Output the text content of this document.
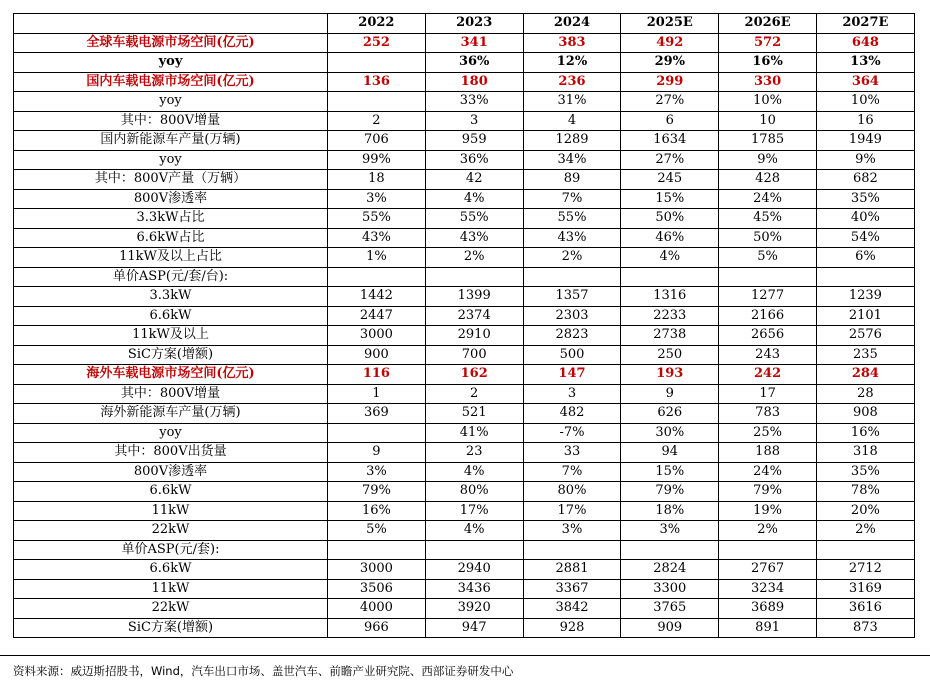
	2022	2023	2024	2025E	2026E	2027E
全球车载电源市场空间(亿元)	252	341	383	492	572	648
yoy		36%	12%	29%	16%	13%
国内车载电源市场空间(亿元)	136	180	236	299	330	364
yoy		33%	31%	27%	10%	10%
其中：800V增量	2	3	4	6	10	16
国内新能源车产量(万辆)	706	959	1289	1634	1785	1949
yoy	99%	36%	34%	27%	9%	9%
其中：800V产量（万辆）	18	42	89	245	428	682
800V渗透率	3%	4%	7%	15%	24%	35%
3.3kW占比	55%	55%	55%	50%	45%	40%
6.6kW占比	43%	43%	43%	46%	50%	54%
11kW及以上占比	1%	2%	2%	4%	5%	6%
单价ASP(元/套/台):						
3.3kW	1442	1399	1357	1316	1277	1239
6.6kW	2447	2374	2303	2233	2166	2101
11kW及以上	3000	2910	2823	2738	2656	2576
SiC方案(增额)	900	700	500	250	243	235
海外车载电源市场空间(亿元)	116	162	147	193	242	284
其中：800V增量	1	2	3	9	17	28
海外新能源车产量(万辆)	369	521	482	626	783	908
yoy		41%	-7%	30%	25%	16%
其中：800V出货量	9	23	33	94	188	318
800V渗透率	3%	4%	7%	15%	24%	35%
6.6kW	79%	80%	80%	79%	79%	78%
11kW	16%	17%	17%	18%	19%	20%
22kW	5%	4%	3%	3%	2%	2%
单价ASP(元/套):						
6.6kW	3000	2940	2881	2824	2767	2712
11kW	3506	3436	3367	3300	3234	3169
22kW	4000	3920	3842	3765	3689	3616
SiC方案(增额)	966	947	928	909	891	873
资料来源：威迈斯招股书，Wind，汽车出口市场、盖世汽车、前瞻产业研究院、西部证券研发中心
